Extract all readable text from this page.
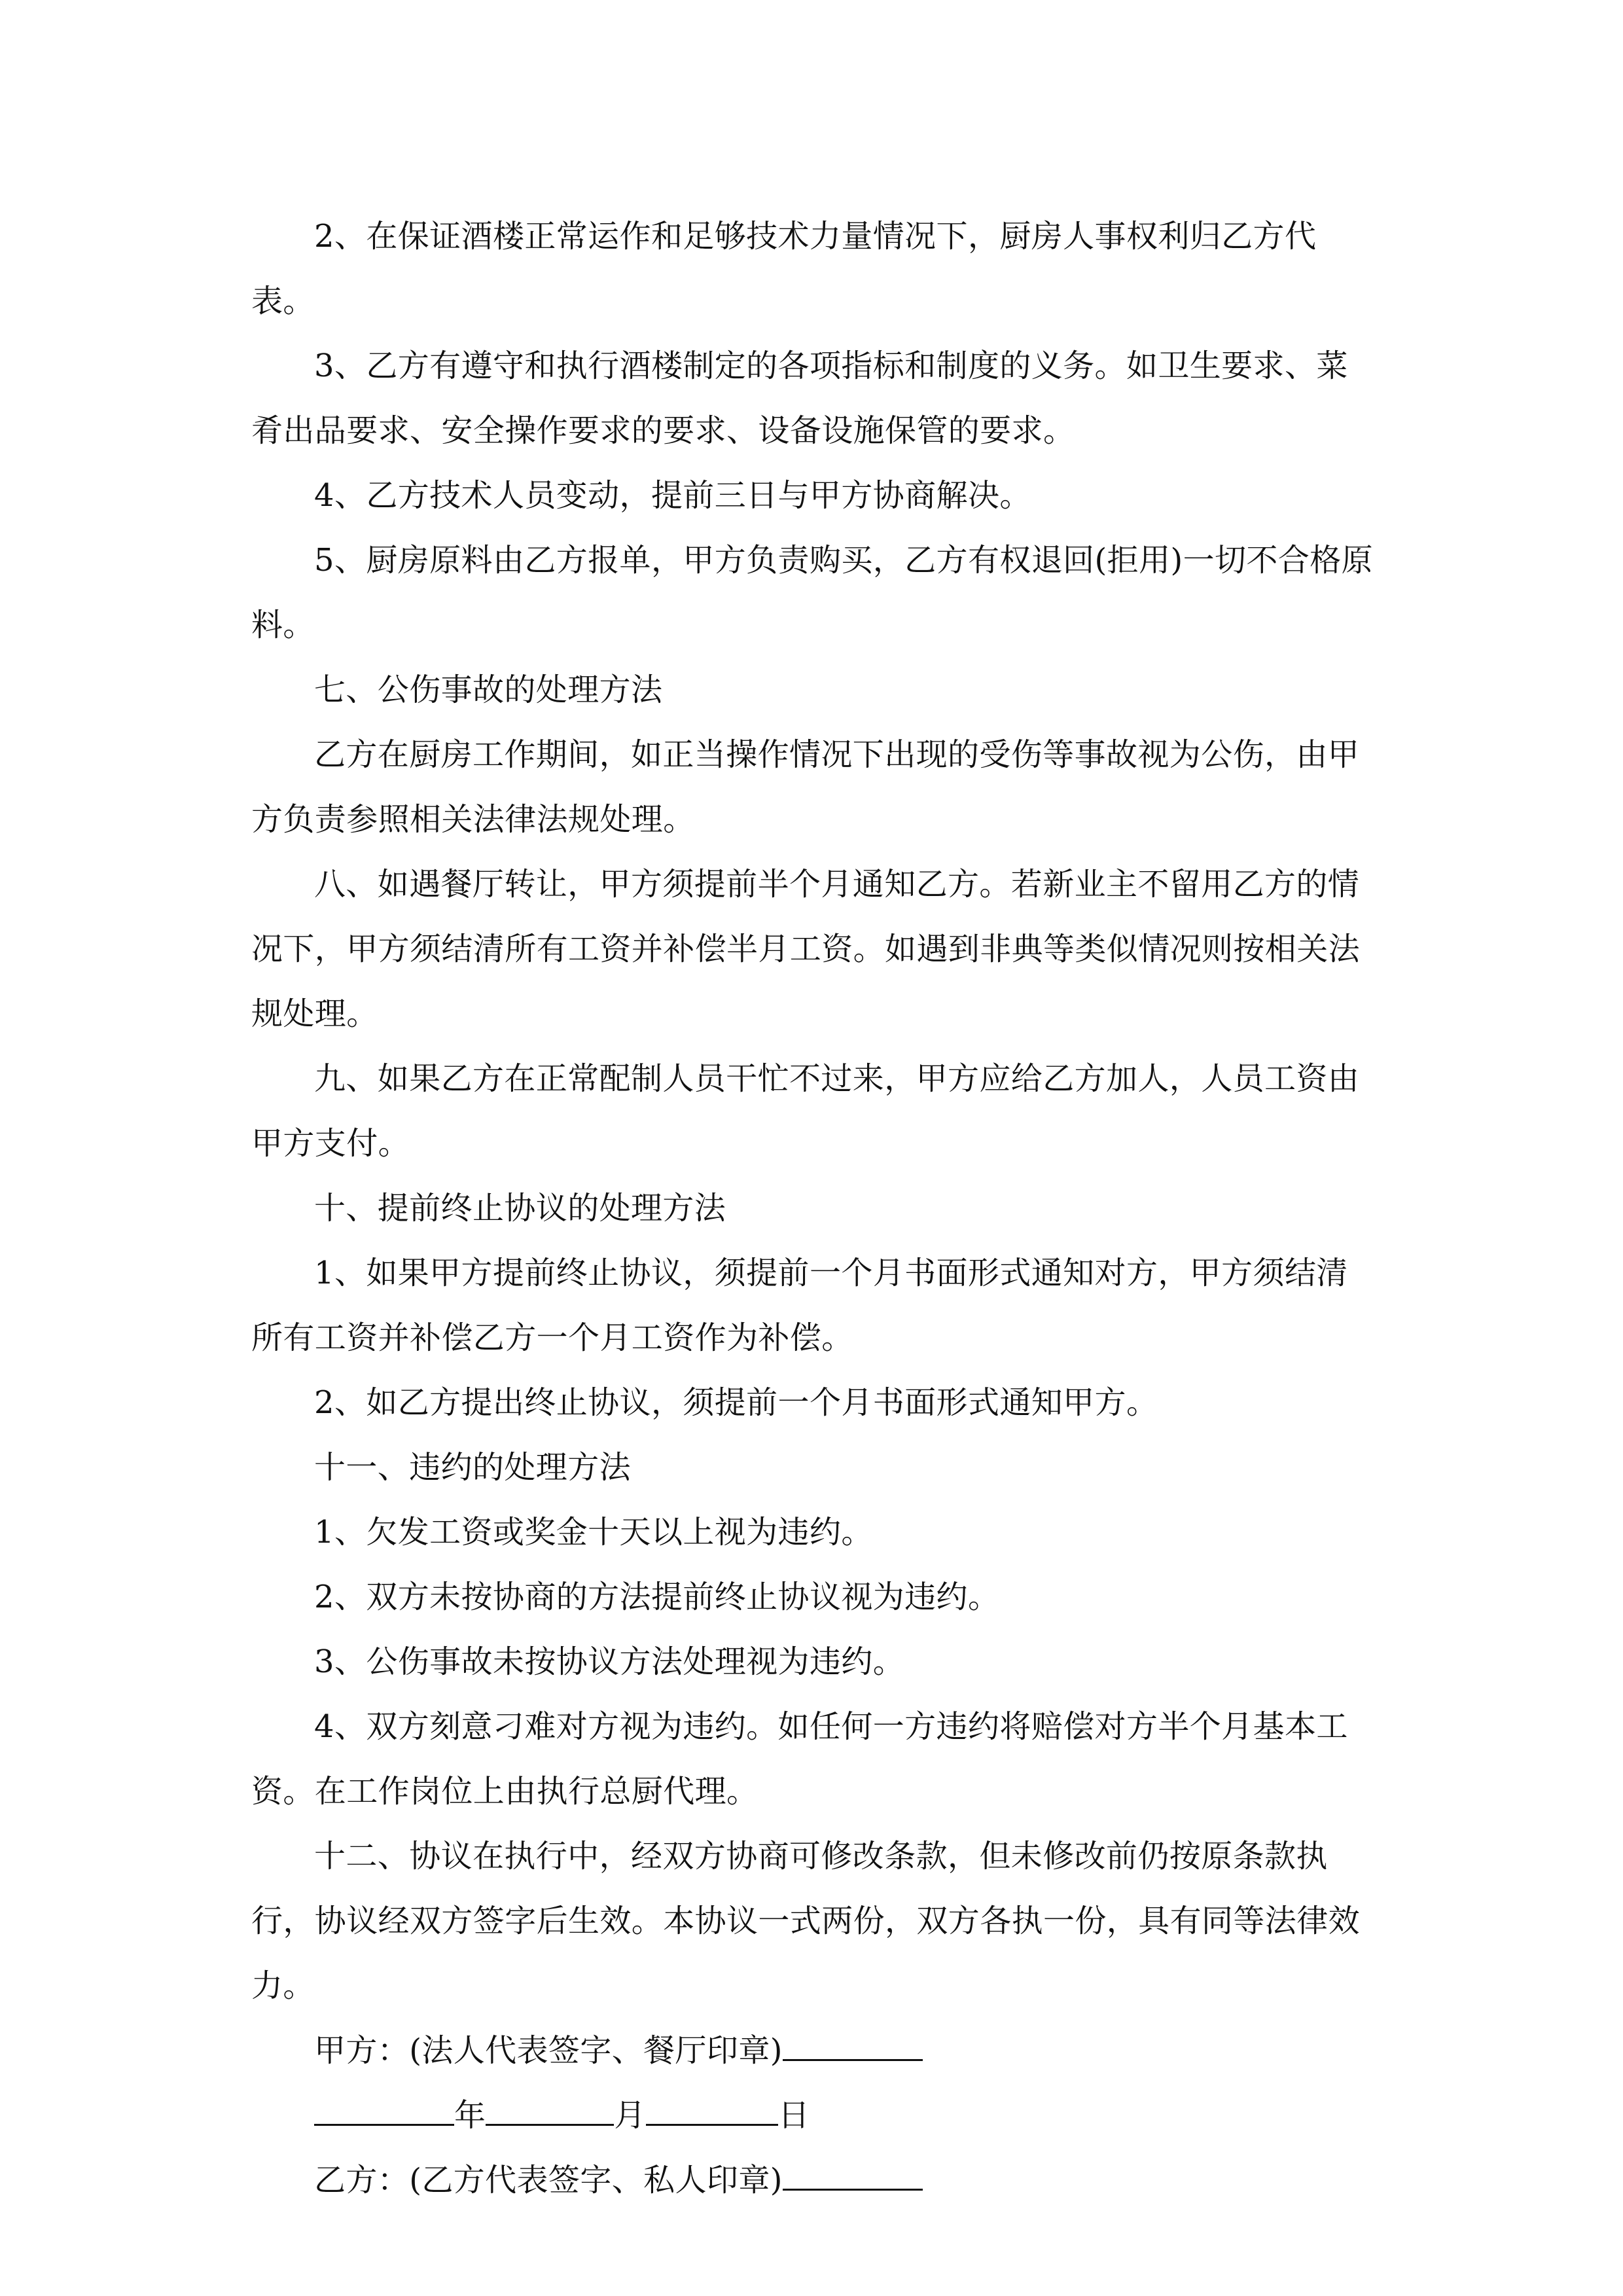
2、在保证酒楼正常运作和足够技术力量情况下，厨房人事权利归乙方代表。

3、乙方有遵守和执行酒楼制定的各项指标和制度的义务。如卫生要求、菜肴出品要求、安全操作要求的要求、设备设施保管的要求。

4、乙方技术人员变动，提前三日与甲方协商解决。

5、厨房原料由乙方报单，甲方负责购买，乙方有权退回(拒用)一切不合格原料。

七、公伤事故的处理方法

乙方在厨房工作期间，如正当操作情况下出现的受伤等事故视为公伤，由甲方负责参照相关法律法规处理。

八、如遇餐厅转让，甲方须提前半个月通知乙方。若新业主不留用乙方的情况下，甲方须结清所有工资并补偿半月工资。如遇到非典等类似情况则按相关法规处理。

九、如果乙方在正常配制人员干忙不过来，甲方应给乙方加人，人员工资由甲方支付。

十、提前终止协议的处理方法

1、如果甲方提前终止协议，须提前一个月书面形式通知对方，甲方须结清所有工资并补偿乙方一个月工资作为补偿。

2、如乙方提出终止协议，须提前一个月书面形式通知甲方。

十一、违约的处理方法

1、欠发工资或奖金十天以上视为违约。

2、双方未按协商的方法提前终止协议视为违约。

3、公伤事故未按协议方法处理视为违约。

4、双方刻意刁难对方视为违约。如任何一方违约将赔偿对方半个月基本工资。在工作岗位上由执行总厨代理。

十二、协议在执行中，经双方协商可修改条款，但未修改前仍按原条款执行，协议经双方签字后生效。本协议一式两份，双方各执一份，具有同等法律效力。

甲方：(法人代表签字、餐厅印章)

年	月	日

乙方：(乙方代表签字、私人印章)
